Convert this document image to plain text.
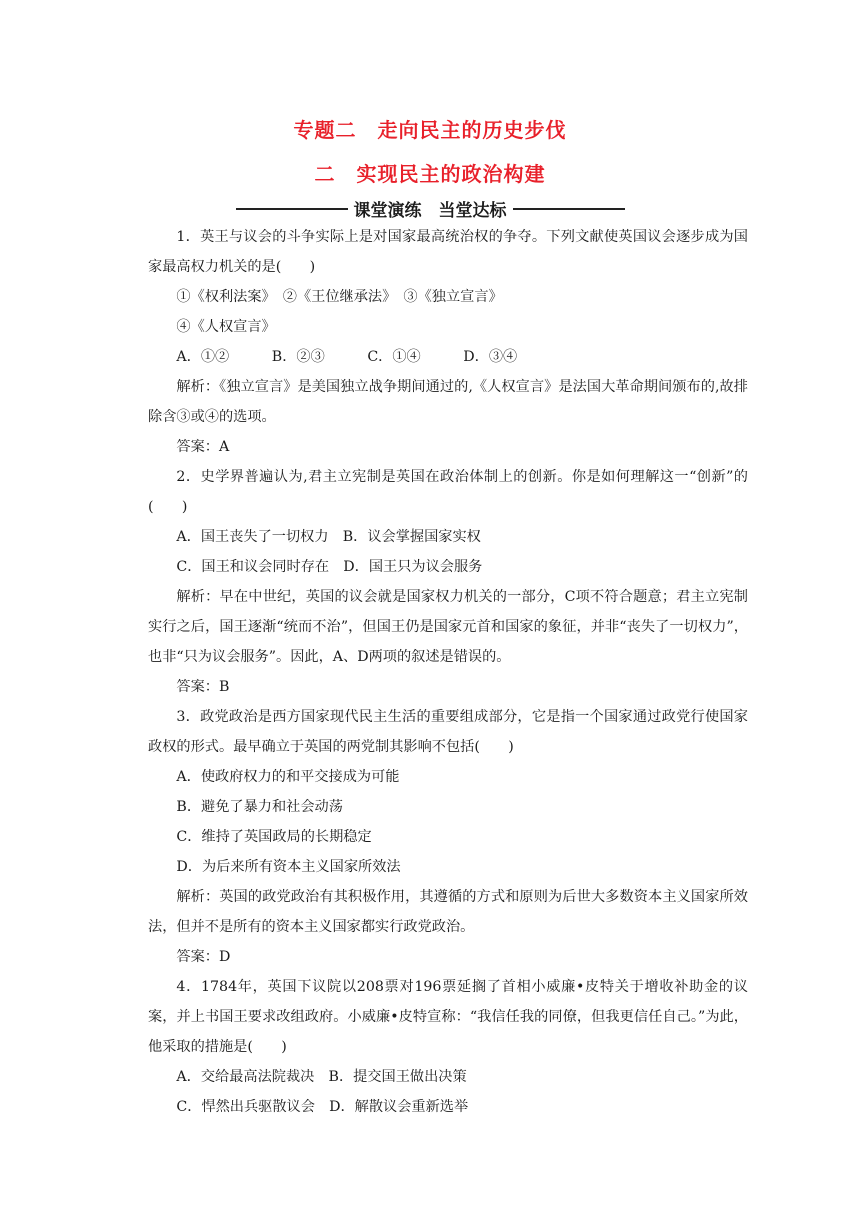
专题二　走向民主的历史步伐
二　实现民主的政治构建
课堂演练　当堂达标

1．英王与议会的斗争实际上是对国家最高统治权的争夺。下列文献使英国议会逐步成为国家最高权力机关的是(　　)

①《权利法案》　②《王位继承法》　③《独立宣言》

④《人权宣言》

A．①②　　　B．②③　　　C．①④　　　D．③④

解析：《独立宣言》是美国独立战争期间通过的,《人权宣言》是法国大革命期间颁布的,故排除含③或④的选项。

答案：A

2．史学界普遍认为,君主立宪制是英国在政治体制上的创新。你是如何理解这一“创新”的(　　)

A．国王丧失了一切权力　B．议会掌握国家实权

C．国王和议会同时存在　D．国王只为议会服务

解析：早在中世纪，英国的议会就是国家权力机关的一部分，C项不符合题意；君主立宪制实行之后，国王逐渐“统而不治”，但国王仍是国家元首和国家的象征，并非“丧失了一切权力”，也非“只为议会服务”。因此，A、D两项的叙述是错误的。

答案：B

3．政党政治是西方国家现代民主生活的重要组成部分，它是指一个国家通过政党行使国家政权的形式。最早确立于英国的两党制其影响不包括(　　)

A．使政府权力的和平交接成为可能

B．避免了暴力和社会动荡

C．维持了英国政局的长期稳定

D．为后来所有资本主义国家所效法

解析：英国的政党政治有其积极作用，其遵循的方式和原则为后世大多数资本主义国家所效法，但并不是所有的资本主义国家都实行政党政治。

答案：D

4．1784年，英国下议院以208票对196票延搁了首相小威廉•皮特关于增收补助金的议案，并上书国王要求改组政府。小威廉•皮特宣称：“我信任我的同僚，但我更信任自己。”为此，他采取的措施是(　　)

A．交给最高法院裁决　B．提交国王做出决策

C．悍然出兵驱散议会　D．解散议会重新选举
